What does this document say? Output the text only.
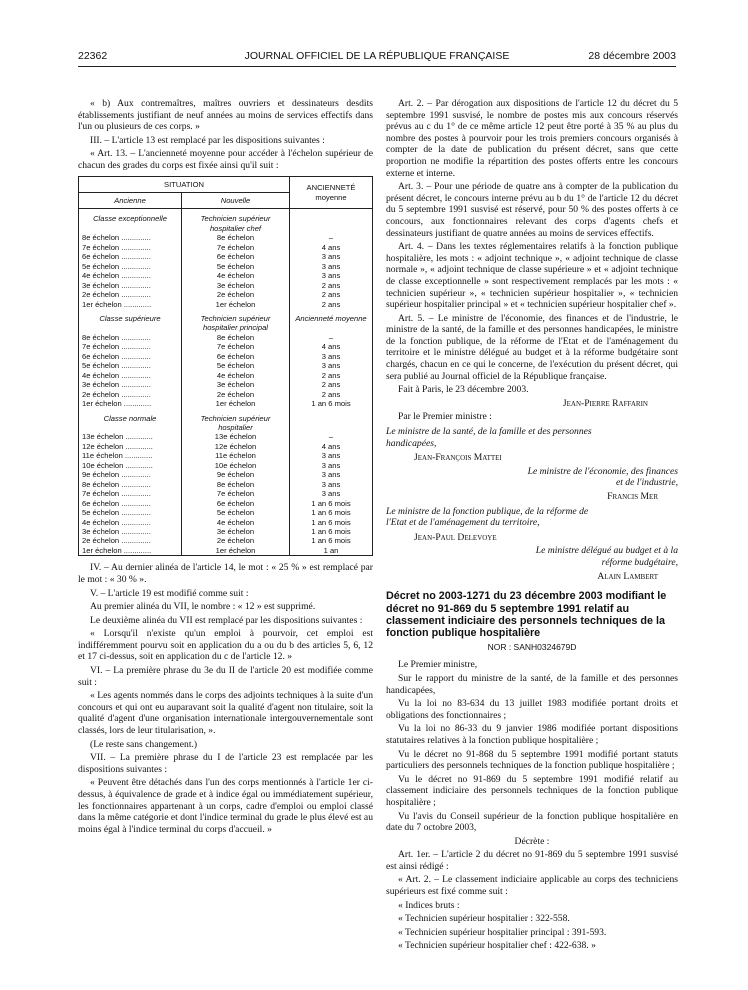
22362	JOURNAL OFFICIEL DE LA RÉPUBLIQUE FRANÇAISE	28 décembre 2003

« b) Aux contremaîtres, maîtres ouvriers et dessinateurs desdits établissements justifiant de neuf années au moins de services effectifs dans l'un ou plusieurs de ces corps. »

III. – L'article 13 est remplacé par les dispositions suivantes :

« Art. 13. – L'ancienneté moyenne pour accéder à l'échelon supérieur de chacun des grades du corps est fixée ainsi qu'il suit :

SITUATION		ANCIENNETÉ moyenne
Ancienne	Nouvelle	
Classe exceptionnelle	Technicien supérieur hospitalier chef	
8e échelon ..............	8e échelon	–
7e échelon ..............	7e échelon	4 ans
6e échelon ..............	6e échelon	3 ans
5e échelon ..............	5e échelon	3 ans
4e échelon ..............	4e échelon	3 ans
3e échelon ..............	3e échelon	2 ans
2e échelon ..............	2e échelon	2 ans
1er échelon .............	1er échelon	2 ans
Classe supérieure	Technicien supérieur hospitalier principal	Ancienneté moyenne
8e échelon ..............	8e échelon	–
7e échelon ..............	7e échelon	4 ans
6e échelon ..............	6e échelon	3 ans
5e échelon ..............	5e échelon	3 ans
4e échelon ..............	4e échelon	2 ans
3e échelon ..............	3e échelon	2 ans
2e échelon ..............	2e échelon	2 ans
1er échelon .............	1er échelon	1 an 6 mois
Classe normale	Technicien supérieur hospitalier	
13e échelon .............	13e échelon	–
12e échelon .............	12e échelon	4 ans
11e échelon .............	11e échelon	3 ans
10e échelon .............	10e échelon	3 ans
9e échelon ..............	9e échelon	3 ans
8e échelon ..............	8e échelon	3 ans
7e échelon ..............	7e échelon	3 ans
6e échelon ..............	6e échelon	1 an 6 mois
5e échelon ..............	5e échelon	1 an 6 mois
4e échelon ..............	4e échelon	1 an 6 mois
3e échelon ..............	3e échelon	1 an 6 mois
2e échelon ..............	2e échelon	1 an 6 mois
1er échelon .............	1er échelon	1 an

IV. – Au dernier alinéa de l'article 14, le mot : « 25 % » est remplacé par le mot : « 30 % ».

V. – L'article 19 est modifié comme suit :

Au premier alinéa du VII, le nombre : « 12 » est supprimé.

Le deuxième alinéa du VII est remplacé par les dispositions suivantes :

« Lorsqu'il n'existe qu'un emploi à pourvoir, cet emploi est indifféremment pourvu soit en application du a ou du b des articles 5, 6, 12 et 17 ci-dessus, soit en application du c de l'article 12. »

VI. – La première phrase du 3e du II de l'article 20 est modifiée comme suit :

« Les agents nommés dans le corps des adjoints techniques à la suite d'un concours et qui ont eu auparavant soit la qualité d'agent non titulaire, soit la qualité d'agent d'une organisation internationale intergouvernementale sont classés, lors de leur titularisation, ».

(Le reste sans changement.)

VII. – La première phrase du I de l'article 23 est remplacée par les dispositions suivantes :

« Peuvent être détachés dans l'un des corps mentionnés à l'article 1er ci-dessus, à équivalence de grade et à indice égal ou immédiatement supérieur, les fonctionnaires appartenant à un corps, cadre d'emploi ou emploi classé dans la même catégorie et dont l'indice terminal du grade le plus élevé est au moins égal à l'indice terminal du corps d'accueil. »

Art. 2. – Par dérogation aux dispositions de l'article 12 du décret du 5 septembre 1991 susvisé, le nombre de postes mis aux concours réservés prévus au c du 1° de ce même article 12 peut être porté à 35 % au plus du nombre des postes à pourvoir pour les trois premiers concours organisés à compter de la date de publication du présent décret, sans que cette proportion ne modifie la répartition des postes offerts entre les concours externe et interne.

Art. 3. – Pour une période de quatre ans à compter de la publication du présent décret, le concours interne prévu au b du 1° de l'article 12 du décret du 5 septembre 1991 susvisé est réservé, pour 50 % des postes offerts à ce concours, aux fonctionnaires relevant des corps d'agents chefs et dessinateurs justifiant de quatre années au moins de services effectifs.

Art. 4. – Dans les textes réglementaires relatifs à la fonction publique hospitalière, les mots : « adjoint technique », « adjoint technique de classe normale », « adjoint technique de classe supérieure » et « adjoint technique de classe exceptionnelle » sont respectivement remplacés par les mots : « technicien supérieur », « technicien supérieur hospitalier », « technicien supérieur hospitalier principal » et « technicien supérieur hospitalier chef ».

Art. 5. – Le ministre de l'économie, des finances et de l'industrie, le ministre de la santé, de la famille et des personnes handicapées, le ministre de la fonction publique, de la réforme de l'Etat et de l'aménagement du territoire et le ministre délégué au budget et à la réforme budgétaire sont chargés, chacun en ce qui le concerne, de l'exécution du présent décret, qui sera publié au Journal officiel de la République française.

Fait à Paris, le 23 décembre 2003.

Jean-Pierre Raffarin

Par le Premier ministre :

Le ministre de la santé, de la famille et des personnes handicapées,

Jean-François Mattei

Le ministre de l'économie, des finances et de l'industrie,

Francis Mer

Le ministre de la fonction publique, de la réforme de l'Etat et de l'aménagement du territoire,

Jean-Paul Delevoye

Le ministre délégué au budget et à la réforme budgétaire,

Alain Lambert

Décret no 2003-1271 du 23 décembre 2003 modifiant le décret no 91-869 du 5 septembre 1991 relatif au classement indiciaire des personnels techniques de la fonction publique hospitalière

NOR : SANH0324679D

Le Premier ministre,

Sur le rapport du ministre de la santé, de la famille et des personnes handicapées,

Vu la loi no 83-634 du 13 juillet 1983 modifiée portant droits et obligations des fonctionnaires ;

Vu la loi no 86-33 du 9 janvier 1986 modifiée portant dispositions statutaires relatives à la fonction publique hospitalière ;

Vu le décret no 91-868 du 5 septembre 1991 modifié portant statuts particuliers des personnels techniques de la fonction publique hospitalière ;

Vu le décret no 91-869 du 5 septembre 1991 modifié relatif au classement indiciaire des personnels techniques de la fonction publique hospitalière ;

Vu l'avis du Conseil supérieur de la fonction publique hospitalière en date du 7 octobre 2003,

Décrète :

Art. 1er. – L'article 2 du décret no 91-869 du 5 septembre 1991 susvisé est ainsi rédigé :

« Art. 2. – Le classement indiciaire applicable au corps des techniciens supérieurs est fixé comme suit :

« Indices bruts :

« Technicien supérieur hospitalier : 322-558.

« Technicien supérieur hospitalier principal : 391-593.

« Technicien supérieur hospitalier chef : 422-638. »
